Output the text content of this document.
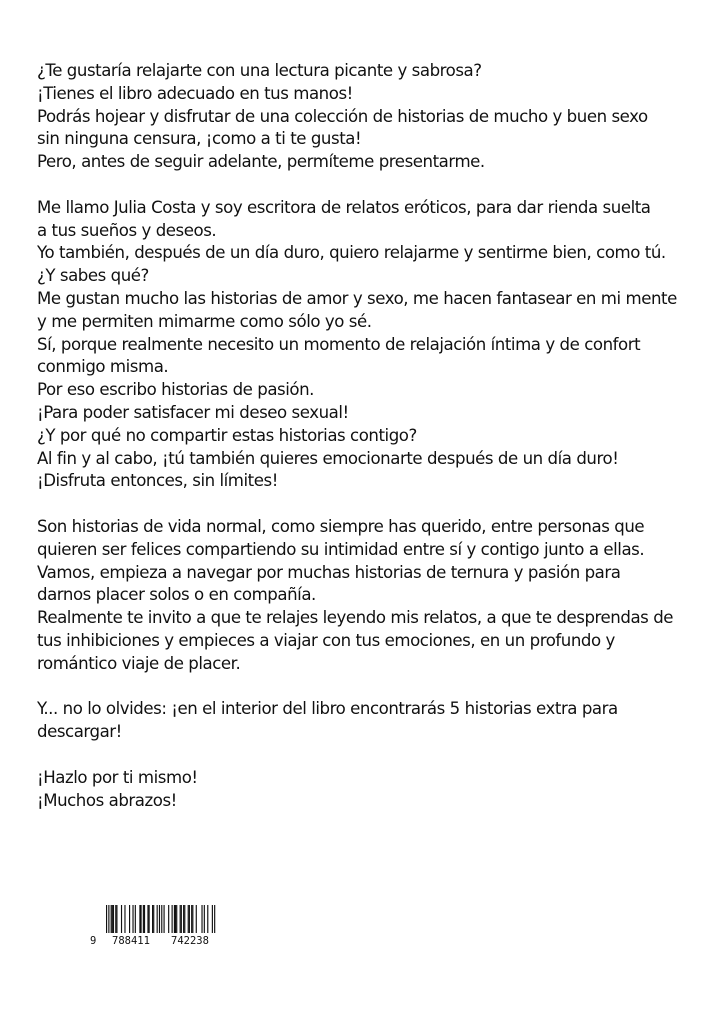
¿Te gustaría relajarte con una lectura picante y sabrosa?
¡Tienes el libro adecuado en tus manos!
Podrás hojear y disfrutar de una colección de historias de mucho y buen sexo
sin ninguna censura, ¡como a ti te gusta!
Pero, antes de seguir adelante, permíteme presentarme.

Me llamo Julia Costa y soy escritora de relatos eróticos, para dar rienda suelta
a tus sueños y deseos.
Yo también, después de un día duro, quiero relajarme y sentirme bien, como tú.
¿Y sabes qué?
Me gustan mucho las historias de amor y sexo, me hacen fantasear en mi mente
y me permiten mimarme como sólo yo sé.
Sí, porque realmente necesito un momento de relajación íntima y de confort
conmigo misma.
Por eso escribo historias de pasión.
¡Para poder satisfacer mi deseo sexual!
¿Y por qué no compartir estas historias contigo?
Al fin y al cabo, ¡tú también quieres emocionarte después de un día duro!
¡Disfruta entonces, sin límites!

Son historias de vida normal, como siempre has querido, entre personas que
quieren ser felices compartiendo su intimidad entre sí y contigo junto a ellas.
Vamos, empieza a navegar por muchas historias de ternura y pasión para
darnos placer solos o en compañía.
Realmente te invito a que te relajes leyendo mis relatos, a que te desprendas de
tus inhibiciones y empieces a viajar con tus emociones, en un profundo y
romántico viaje de placer.

Y... no lo olvides: ¡en el interior del libro encontrarás 5 historias extra para
descargar!

¡Hazlo por ti mismo!
¡Muchos abrazos!

9

788411

742238
